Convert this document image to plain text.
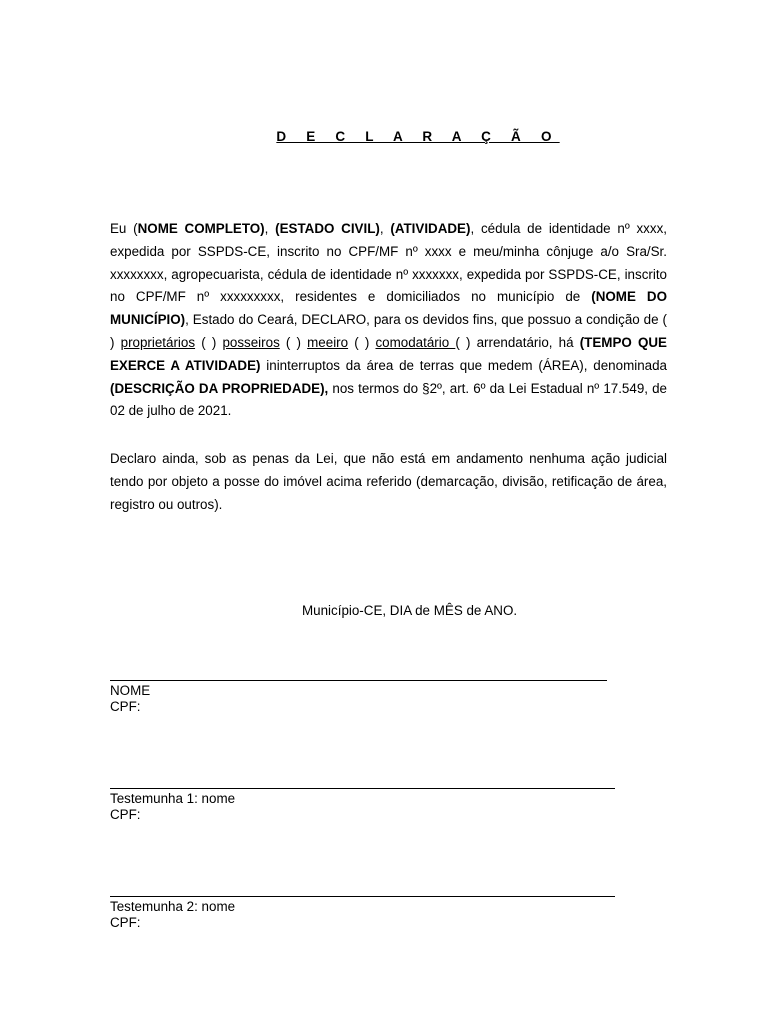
D E C L A R A Ç Ã O

Eu (NOME COMPLETO), (ESTADO CIVIL), (ATIVIDADE), cédula de identidade nº xxxx, expedida por SSPDS-CE, inscrito no CPF/MF nº xxxx e meu/minha cônjuge a/o Sra/Sr. xxxxxxxx, agropecuarista, cédula de identidade nº xxxxxxx, expedida por SSPDS-CE, inscrito no CPF/MF nº xxxxxxxxx, residentes e domiciliados no município de (NOME DO MUNICÍPIO), Estado do Ceará, DECLARO, para os devidos fins, que possuo a condição de ( ) proprietários ( ) posseiros ( ) meeiro ( ) comodatário ( ) arrendatário, há (TEMPO QUE EXERCE A ATIVIDADE) ininterruptos da área de terras que medem (ÁREA), denominada (DESCRIÇÃO DA PROPRIEDADE), nos termos do §2º, art. 6º da Lei Estadual nº 17.549, de 02 de julho de 2021.

Declaro ainda, sob as penas da Lei, que não está em andamento nenhuma ação judicial tendo por objeto a posse do imóvel acima referido (demarcação, divisão, retificação de área, registro ou outros).

Município-CE, DIA de MÊS de ANO.
NOME
CPF:
Testemunha 1: nome
CPF:
Testemunha 2: nome
CPF:
